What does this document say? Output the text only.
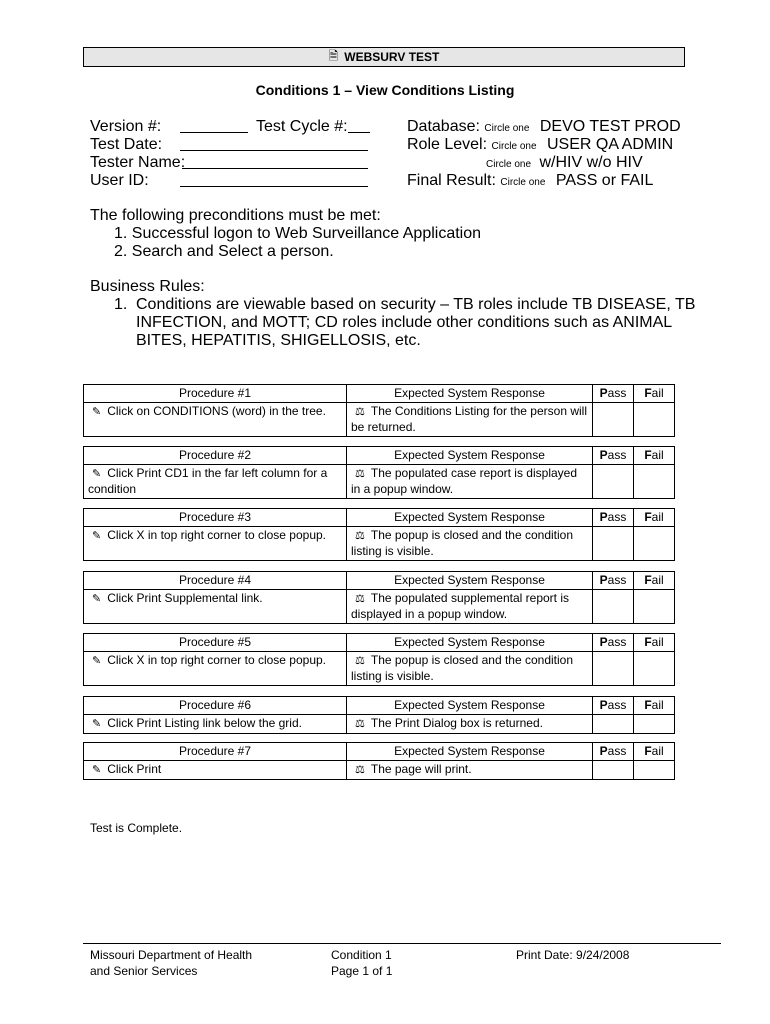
🗎 WEBSURV TEST
Conditions 1 – View Conditions Listing
Version #:	Test Cycle #:
Test Date:
Tester Name:
User ID:
Database: Circle one DEVO TEST PROD
Role Level: Circle one USER QA ADMIN
Circle one w/HIV w/o HIV
Final Result: Circle one PASS or FAIL
The following preconditions must be met:
1. Successful logon to Web Surveillance Application
2. Search and Select a person.
Business Rules:
1. Conditions are viewable based on security – TB roles include TB DISEASE, TB INFECTION, and MOTT; CD roles include other conditions such as ANIMAL BITES, HEPATITIS, SHIGELLOSIS, etc.
Procedure #1	Expected System Response	Pass	Fail
✎ Click on CONDITIONS (word) in the tree.	⚖ The Conditions Listing for the person will be returned.		
Procedure #2	Expected System Response	Pass	Fail
✎ Click Print CD1 in the far left column for a condition	⚖ The populated case report is displayed in a popup window.		
Procedure #3	Expected System Response	Pass	Fail
✎ Click X in top right corner to close popup.	⚖ The popup is closed and the condition listing is visible.		
Procedure #4	Expected System Response	Pass	Fail
✎ Click Print Supplemental link.	⚖ The populated supplemental report is displayed in a popup window.		
Procedure #5	Expected System Response	Pass	Fail
✎ Click X in top right corner to close popup.	⚖ The popup is closed and the condition listing is visible.		
Procedure #6	Expected System Response	Pass	Fail
✎ Click Print Listing link below the grid.	⚖ The Print Dialog box is returned.		
Procedure #7	Expected System Response	Pass	Fail
✎ Click Print	⚖ The page will print.		
Test is Complete.
Missouri Department of Health
and Senior Services
Condition 1
Page 1 of 1
Print Date: 9/24/2008
